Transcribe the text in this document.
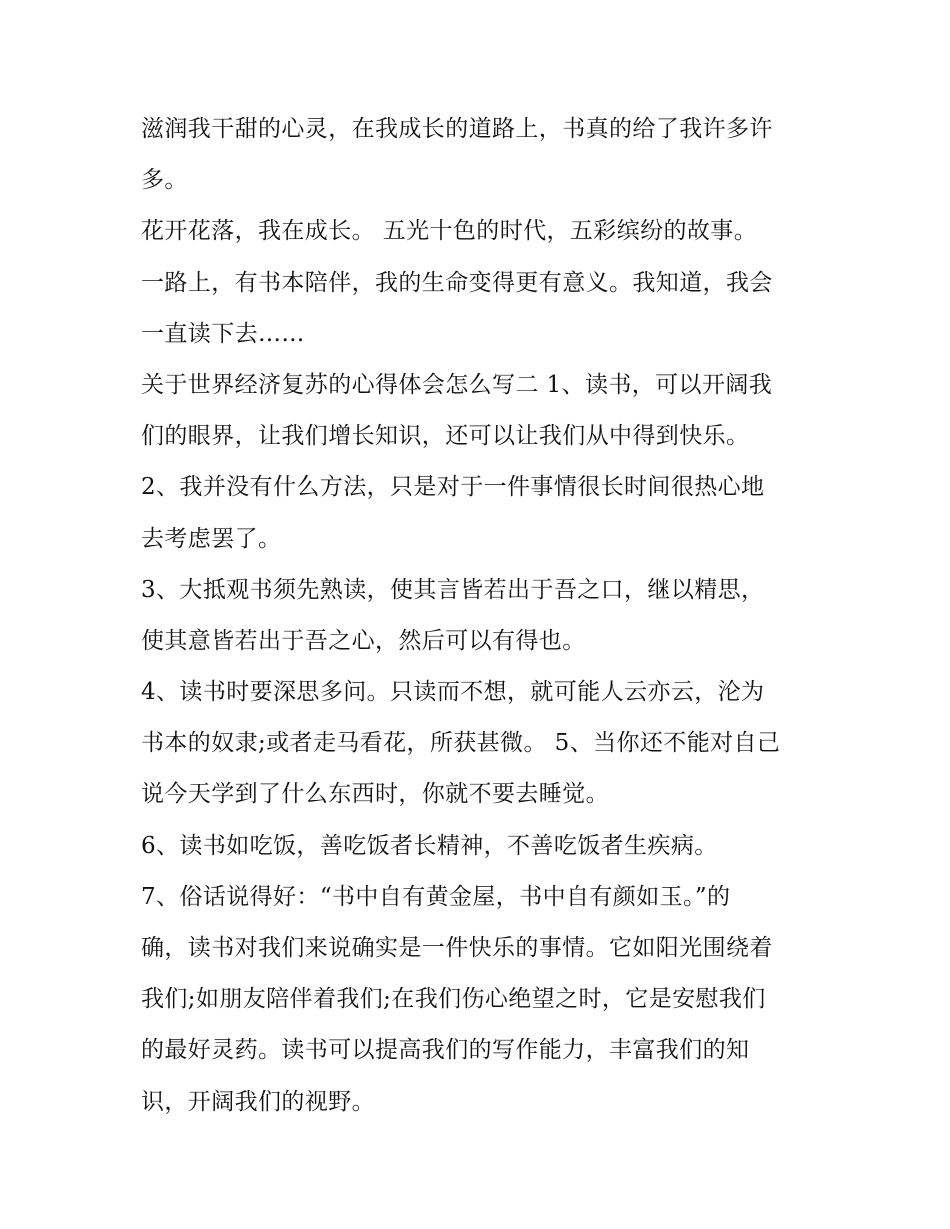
滋润我干甜的心灵，在我成长的道路上，书真的给了我许多许
多。
花开花落，我在成长。 五光十色的时代，五彩缤纷的故事。
一路上，有书本陪伴，我的生命变得更有意义。我知道，我会
一直读下去……
关于世界经济复苏的心得体会怎么写二 1、读书，可以开阔我
们的眼界，让我们增长知识，还可以让我们从中得到快乐。
2、我并没有什么方法，只是对于一件事情很长时间很热心地
去考虑罢了。
3、大抵观书须先熟读，使其言皆若出于吾之口，继以精思，
使其意皆若出于吾之心，然后可以有得也。
4、读书时要深思多问。只读而不想，就可能人云亦云，沦为
书本的奴隶;或者走马看花，所获甚微。 5、当你还不能对自己
说今天学到了什么东西时，你就不要去睡觉。
6、读书如吃饭，善吃饭者长精神，不善吃饭者生疾病。
7、俗话说得好：“书中自有黄金屋，书中自有颜如玉。”的
确，读书对我们来说确实是一件快乐的事情。它如阳光围绕着
我们;如朋友陪伴着我们;在我们伤心绝望之时，它是安慰我们
的最好灵药。读书可以提高我们的写作能力，丰富我们的知
识，开阔我们的视野。
